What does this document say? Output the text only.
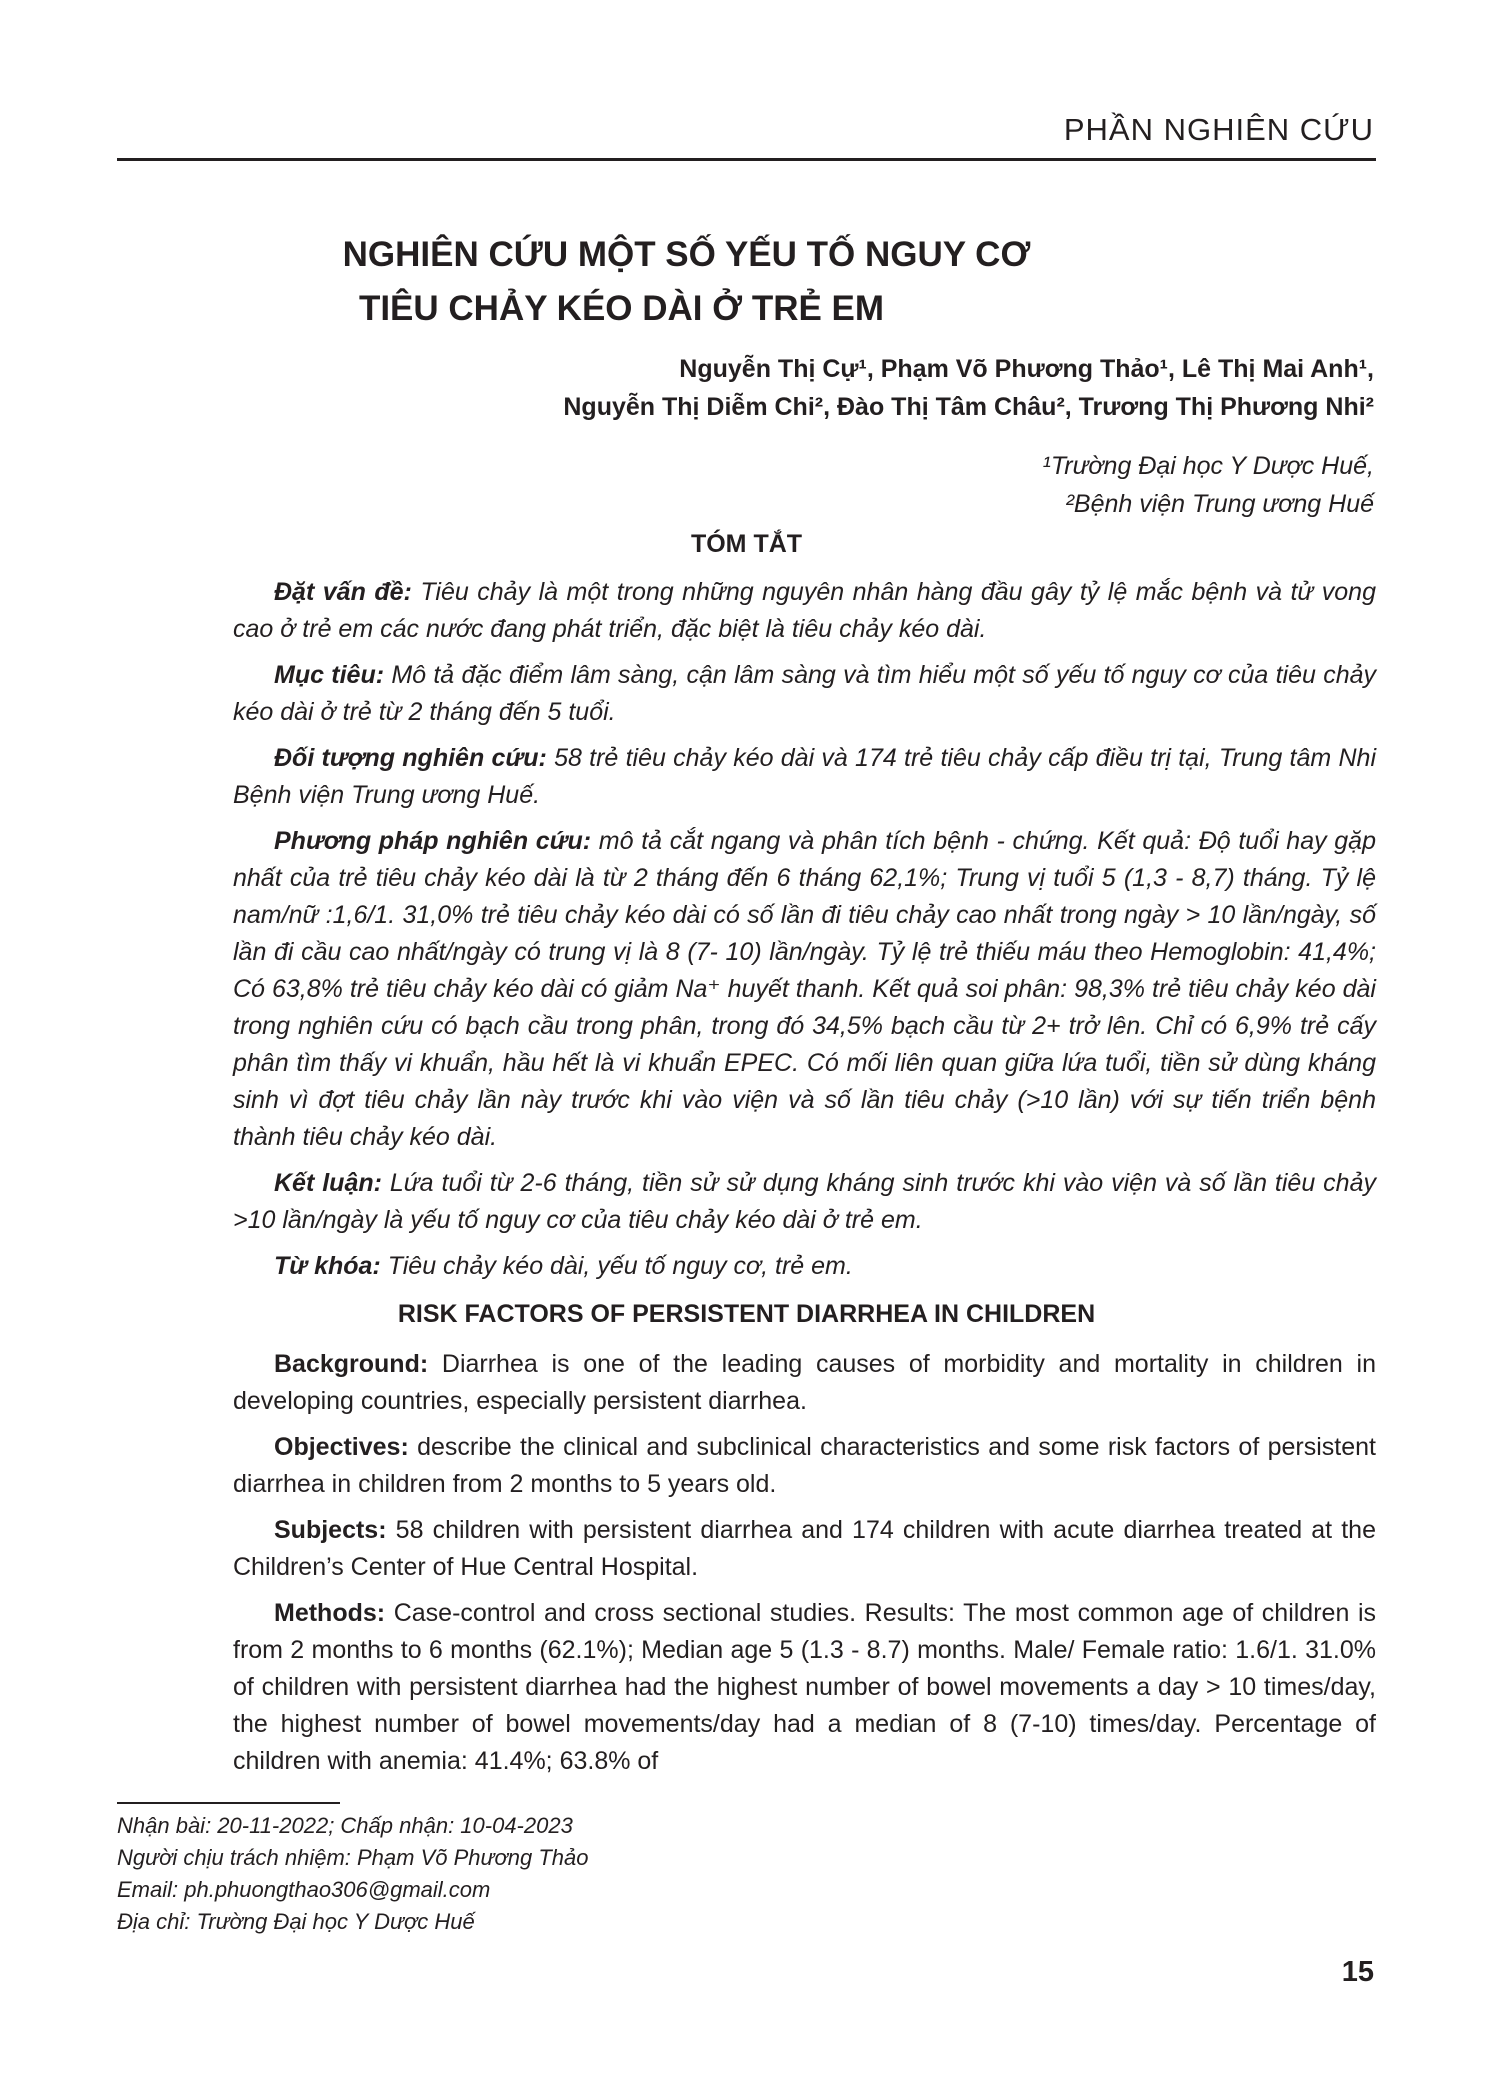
PHẦN NGHIÊN CỨU
NGHIÊN CỨU MỘT SỐ YẾU TỐ NGUY CƠ
TIÊU CHẢY KÉO DÀI Ở TRẺ EM
Nguyễn Thị Cự¹, Phạm Võ Phương Thảo¹, Lê Thị Mai Anh¹,
Nguyễn Thị Diễm Chi², Đào Thị Tâm Châu², Trương Thị Phương Nhi²
¹Trường Đại học Y Dược Huế,
²Bệnh viện Trung ương Huế
TÓM TẮT

Đặt vấn đề: Tiêu chảy là một trong những nguyên nhân hàng đầu gây tỷ lệ mắc bệnh và tử vong cao ở trẻ em các nước đang phát triển, đặc biệt là tiêu chảy kéo dài.

Mục tiêu: Mô tả đặc điểm lâm sàng, cận lâm sàng và tìm hiểu một số yếu tố nguy cơ của tiêu chảy kéo dài ở trẻ từ 2 tháng đến 5 tuổi.

Đối tượng nghiên cứu: 58 trẻ tiêu chảy kéo dài và 174 trẻ tiêu chảy cấp điều trị tại, Trung tâm Nhi Bệnh viện Trung ương Huế.

Phương pháp nghiên cứu: mô tả cắt ngang và phân tích bệnh - chứng. Kết quả: Độ tuổi hay gặp nhất của trẻ tiêu chảy kéo dài là từ 2 tháng đến 6 tháng 62,1%; Trung vị tuổi 5 (1,3 - 8,7) tháng. Tỷ lệ nam/nữ :1,6/1. 31,0% trẻ tiêu chảy kéo dài có số lần đi tiêu chảy cao nhất trong ngày > 10 lần/ngày, số lần đi cầu cao nhất/ngày có trung vị là 8 (7- 10) lần/ngày. Tỷ lệ trẻ thiếu máu theo Hemoglobin: 41,4%; Có 63,8% trẻ tiêu chảy kéo dài có giảm Na⁺ huyết thanh. Kết quả soi phân: 98,3% trẻ tiêu chảy kéo dài trong nghiên cứu có bạch cầu trong phân, trong đó 34,5% bạch cầu từ 2+ trở lên. Chỉ có 6,9% trẻ cấy phân tìm thấy vi khuẩn, hầu hết là vi khuẩn EPEC. Có mối liên quan giữa lứa tuổi, tiền sử dùng kháng sinh vì đợt tiêu chảy lần này trước khi vào viện và số lần tiêu chảy (>10 lần) với sự tiến triển bệnh thành tiêu chảy kéo dài.

Kết luận: Lứa tuổi từ 2-6 tháng, tiền sử sử dụng kháng sinh trước khi vào viện và số lần tiêu chảy >10 lần/ngày là yếu tố nguy cơ của tiêu chảy kéo dài ở trẻ em.

Từ khóa: Tiêu chảy kéo dài, yếu tố nguy cơ, trẻ em.

RISK FACTORS OF PERSISTENT DIARRHEA IN CHILDREN

Background: Diarrhea is one of the leading causes of morbidity and mortality in children in developing countries, especially persistent diarrhea.

Objectives: describe the clinical and subclinical characteristics and some risk factors of persistent diarrhea in children from 2 months to 5 years old.

Subjects: 58 children with persistent diarrhea and 174 children with acute diarrhea treated at the Children’s Center of Hue Central Hospital.

Methods: Case-control and cross sectional studies. Results: The most common age of children is from 2 months to 6 months (62.1%); Median age 5 (1.3 - 8.7) months. Male/ Female ratio: 1.6/1. 31.0% of children with persistent diarrhea had the highest number of bowel movements a day > 10 times/day, the highest number of bowel movements/day had a median of 8 (7-10) times/day. Percentage of children with anemia: 41.4%; 63.8% of

Nhận bài: 20-11-2022; Chấp nhận: 10-04-2023
Người chịu trách nhiệm: Phạm Võ Phương Thảo
Email: ph.phuongthao306@gmail.com
Địa chỉ: Trường Đại học Y Dược Huế
15
